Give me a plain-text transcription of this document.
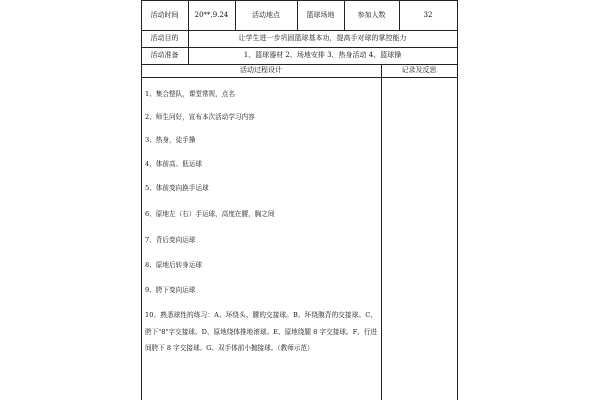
活动时间	20**.9.24	活动地点	篮球场地	参加人数	32
活动目的	让学生进一步巩固篮球基本功，提高手对球的掌控能力
活动准备	1、篮球器材 2、场地安排 3、热身活动 4、篮球操
活动过程设计	记录及反思
1、集合整队，课堂常规，点名
2、师生问好，宣布本次活动学习内容
3、热身，徒手操
4、体前高、低运球
5、体前变向换手运球
6、原地左（右）手运球，高度在腰，胸之间
7、背后变向运球
8、原地后转身运球
9、胯下变向运球
10、熟悉球性的练习：A、环绕头、腰的交接球。B、环绕腹背的交接球。C、胯下"8"字交接球。D、原地绕体推地滚球。E、原地绕腿 8 字交接球。F、行进间胯下 8 字交接球。G、双手体前小抛接球。（教师示范）
